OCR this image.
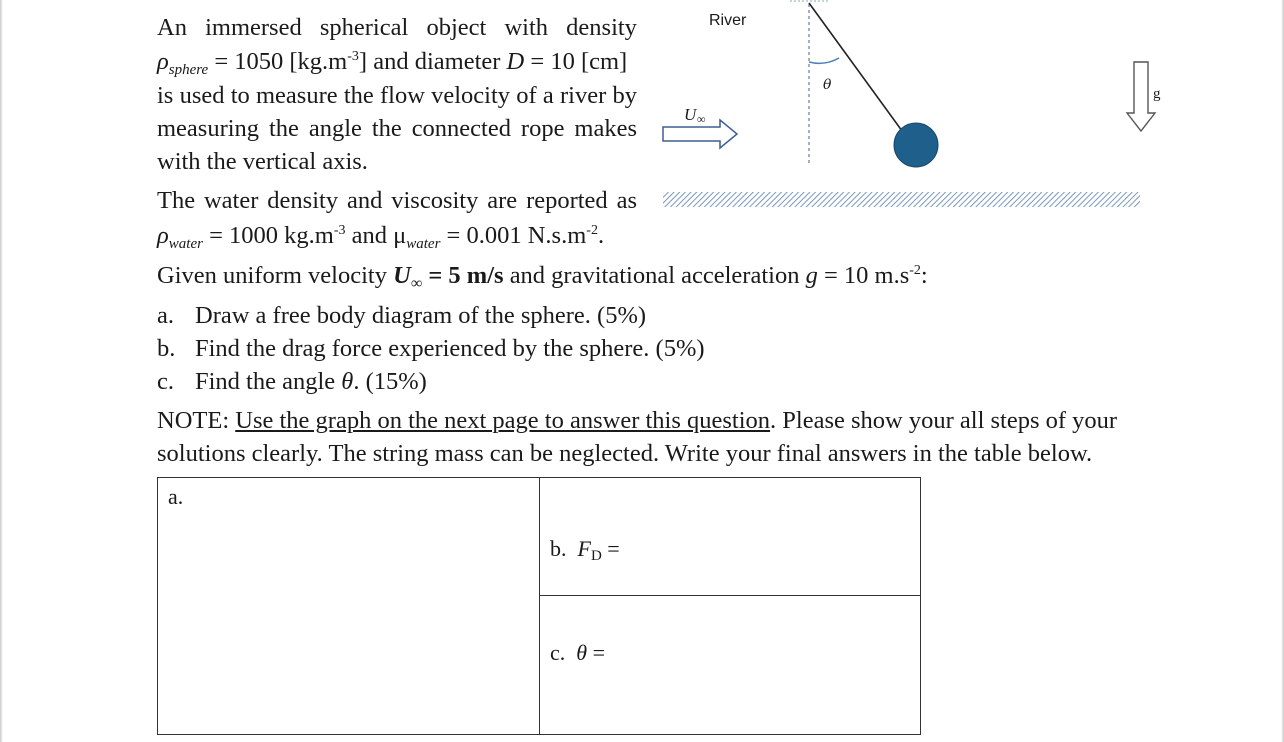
An immersed spherical object with density
$\rho_{sphere} = 1050$ $[kg.m^{-3}]$ and diameter D = 10 [cm]
is used to measure the flow velocity of a river by
measuring the angle the connected rope makes
with the vertical axis.
The water density and viscosity are reported as
$\rho_{water} = 1000$ $kg.m^{-3}$ and $\mu_{water} = 0.001$ $N.s.m^{-2}$.
Given uniform velocity $U_\infty = 5$ m/s and gravitational acceleration g = 10 $m.s^{-2}$:
a. Draw a free body diagram of the sphere. (5%)
b. Find the drag force experienced by the sphere. (5%)
c. Find the angle θ. (15%)
NOTE: Use the graph on the next page to answer this question. Please show your all steps of your
solutions clearly. The string mass can be neglected. Write your final answers in the table below.
River
U ∞
θ
g
a.
b. FD =
c. θ =
